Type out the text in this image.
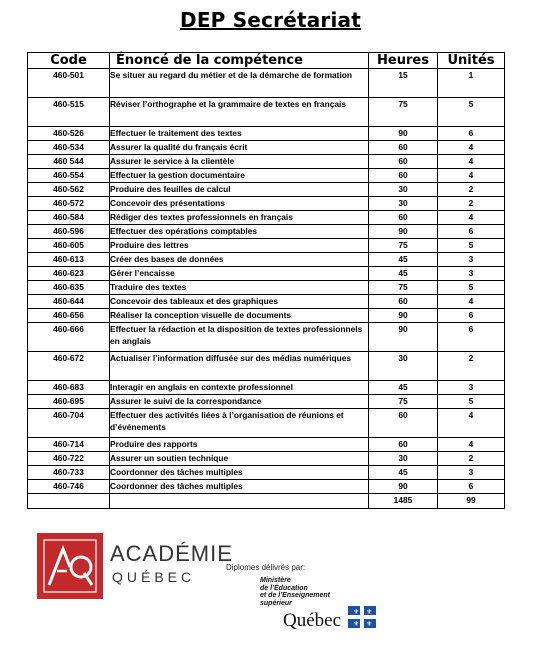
DEP Secrétariat
Code	Énoncé de la compétence	Heures	Unités
460-501	Se situer au regard du métier et de la démarche de formation	15	1
460-515	Réviser l’orthographe et la grammaire de textes en français	75	5
460-526	Effectuer le traitement des textes	90	6
460-534	Assurer la qualité du français écrit	60	4
460 544	Assurer le service à la clientèle	60	4
460-554	Effectuer la gestion documentaire	60	4
460-562	Produire des feuilles de calcul	30	2
460-572	Concevoir des présentations	30	2
460-584	Rédiger des textes professionnels en français	60	4
460-596	Effectuer des opérations comptables	90	6
460-605	Produire des lettres	75	5
460-613	Créer des bases de données	45	3
460-623	Gérer l’encaisse	45	3
460-635	Traduire des textes	75	5
460-644	Concevoir des tableaux et des graphiques	60	4
460-656	Réaliser la conception visuelle de documents	90	6
460-666	Effectuer la rédaction et la disposition de textes professionnels en anglais	90	6
460-672	Actualiser l’information diffusée sur des médias numériques	30	2
460-683	Interagir en anglais en contexte professionnel	45	3
460-695	Assurer le suivi de la correspondance	75	5
460-704	Effectuer des activités liées à l’organisation de réunions et d’événements	60	4
460-714	Produire des rapports	60	4
460-722	Assurer un soutien technique	30	2
460-733	Coordonner des tâches multiples	45	3
460-746	Coordonner des tâches multiples	90	6
		1485	99
ACADÉMIE
QUÉBEC
Diplomes délivrés par:
Ministère
de l’Éducation
et de l’Enseignement
supérieur
Québec ⚜ ⚜
⚜ ⚜
